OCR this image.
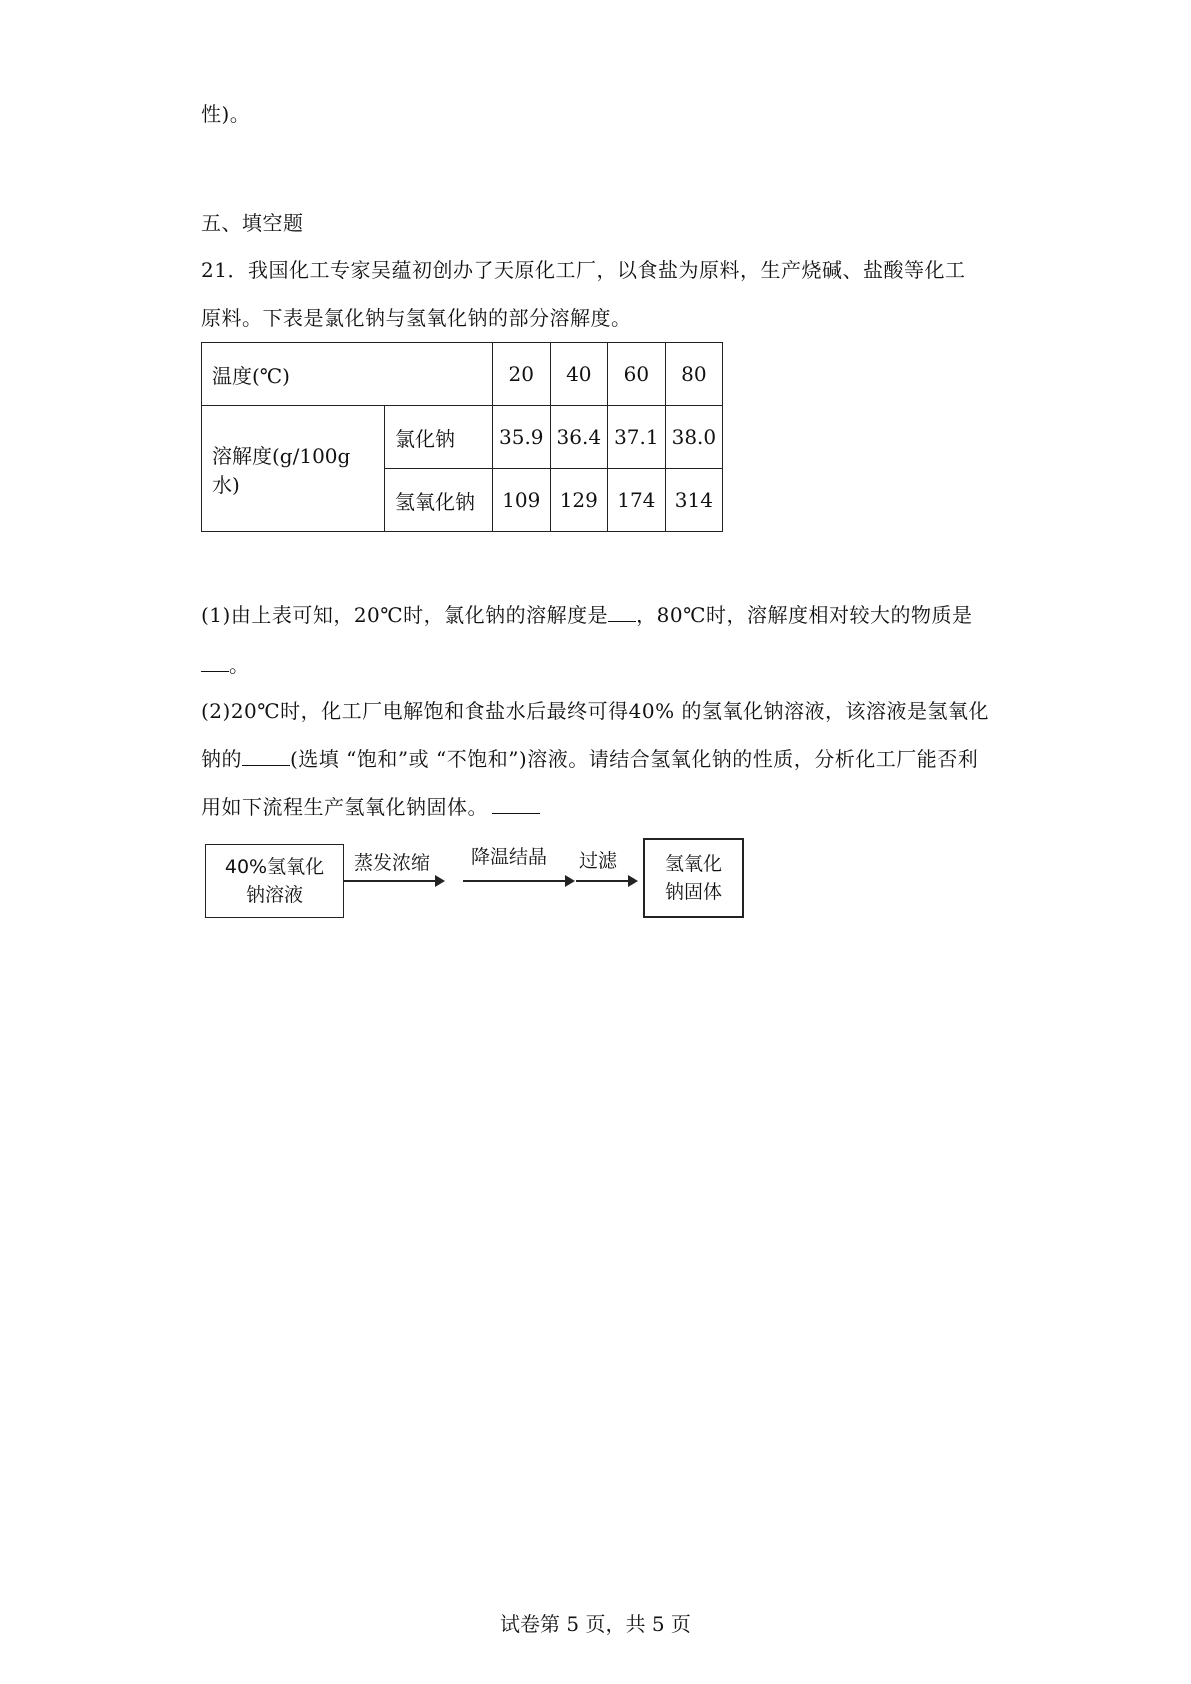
性)。
五、填空题
21．我国化工专家吴蕴初创办了天原化工厂，以食盐为原料，生产烧碱、盐酸等化工
原料。下表是氯化钠与氢氧化钠的部分溶解度。
温度(℃)		20	40	60	80
溶解度(g/100g水)	氯化钠	35.9	36.4	37.1	38.0
	氢氧化钠	109	129	174	314
(1)由上表可知，20℃时，氯化钠的溶解度是 ，80℃时，溶解度相对较大的物质是
。
(2)20℃时，化工厂电解饱和食盐水后最终可得40% 的氢氧化钠溶液，该溶液是氢氧化
钠的 (选填 “饱和”或 “不饱和”)溶液。请结合氢氧化钠的性质，分析化工厂能否利
用如下流程生产氢氧化钠固体。
40%氢氧化
钠溶液
蒸发浓缩 降温结晶 过滤	氢氧化
钠固体
试卷第 5 页，共 5 页
